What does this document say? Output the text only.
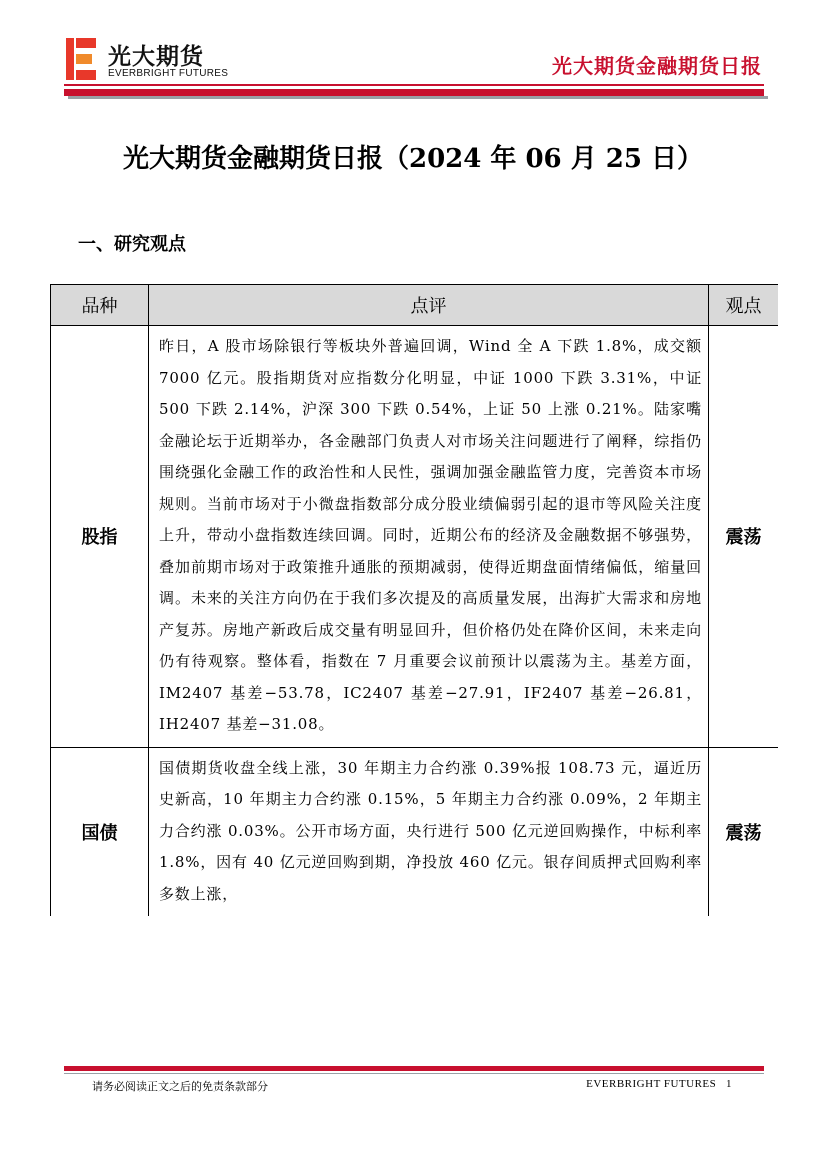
光大期货
EVERBRIGHT FUTURES	光大期货金融期货日报
光大期货金融期货日报（2024 年 06 月 25 日）
一、研究观点
品种	点评	观点
股指	昨日，A 股市场除银行等板块外普遍回调，Wind 全 A 下跌 1.8%，成交额 7000 亿元。股指期货对应指数分化明显，中证 1000 下跌 3.31%，中证 500 下跌 2.14%，沪深 300 下跌 0.54%，上证 50 上涨 0.21%。陆家嘴金融论坛于近期举办，各金融部门负责人对市场关注问题进行了阐释，综指仍围绕强化金融工作的政治性和人民性，强调加强金融监管力度，完善资本市场规则。当前市场对于小微盘指数部分成分股业绩偏弱引起的退市等风险关注度上升，带动小盘指数连续回调。同时，近期公布的经济及金融数据不够强势，叠加前期市场对于政策推升通胀的预期减弱，使得近期盘面情绪偏低，缩量回调。未来的关注方向仍在于我们多次提及的高质量发展，出海扩大需求和房地产复苏。房地产新政后成交量有明显回升，但价格仍处在降价区间，未来走向仍有待观察。整体看，指数在 7 月重要会议前预计以震荡为主。基差方面，IM2407 基差−53.78，IC2407 基差−27.91，IF2407 基差−26.81，IH2407 基差−31.08。	震荡
国债	国债期货收盘全线上涨，30 年期主力合约涨 0.39%报 108.73 元，逼近历史新高，10 年期主力合约涨 0.15%，5 年期主力合约涨 0.09%，2 年期主力合约涨 0.03%。公开市场方面，央行进行 500 亿元逆回购操作，中标利率 1.8%，因有 40 亿元逆回购到期，净投放 460 亿元。银存间质押式回购利率多数上涨，	震荡
请务必阅读正文之后的免责条款部分	EVERBRIGHT FUTURES 1
